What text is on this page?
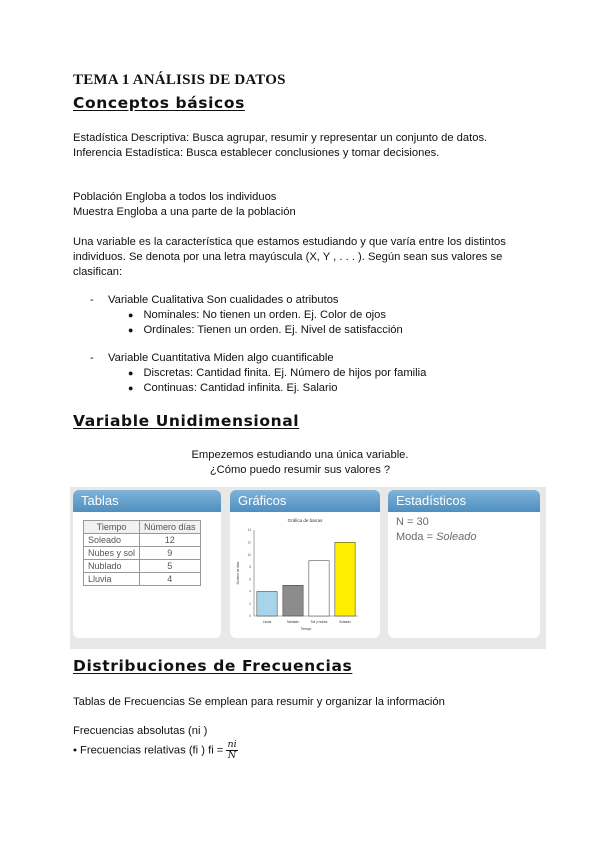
TEMA 1 ANÁLISIS DE DATOS
Conceptos básicos
Estadística Descriptiva: Busca agrupar, resumir y representar un conjunto de datos.
Inferencia Estadística: Busca establecer conclusiones y tomar decisiones.
Población Engloba a todos los individuos
Muestra Engloba a una parte de la población
Una variable es la característica que estamos estudiando y que varía entre los distintos
individuos. Se denota por una letra mayúscula (X, Y , . . . ). Según sean sus valores se
clasifican:
- Variable Cualitativa Son cualidades o atributos
● Nominales: No tienen un orden. Ej. Color de ojos
● Ordinales: Tienen un orden. Ej. Nivel de satisfacción
- Variable Cuantitativa Miden algo cuantificable
● Discretas: Cantidad finita. Ej. Número de hijos por familia
● Continuas: Cantidad infinita. Ej. Salario
Variable Unidimensional
Empezemos estudiando una única variable.
¿Cómo puedo resumir sus valores ?
Tablas
Tiempo	Número días
Soleado	12
Nubes y sol	9
Nublado	5
Lluvia	4
Gráficos
Gráfica de barras
0
2
4
6
8
10
12
14
Lluvia	Nublado	Sol y nubes	Soleado
Tiempo
Número de días
Estadísticos
N = 30
Moda = Soleado
Distribuciones de Frecuencias
Tablas de Frecuencias Se emplean para resumir y organizar la información
Frecuencias absolutas (ni )
• Frecuencias relativas (fi ) fi = $\frac{ni}{N}$
